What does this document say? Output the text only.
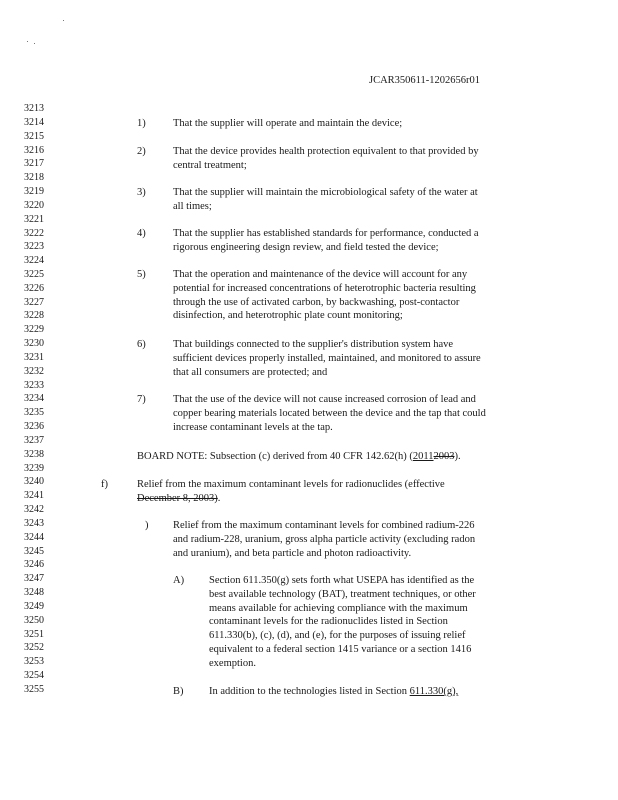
JCAR350611-1202656r01
3213
3214
3215
3216
3217
3218
3219
3220
3221
3222
3223
3224
3225
3226
3227
3228
3229
3230
3231
3232
3233
3234
3235
3236
3237
3238
3239
3240
3241
3242
3243
3244
3245
3246
3247
3248
3249
3250
3251
3252
3253
3254
3255
1)	That the supplier will operate and maintain the device;
2)	That the device provides health protection equivalent to that provided by
central treatment;
3)	That the supplier will maintain the microbiological safety of the water at
all times;
4)	That the supplier has established standards for performance, conducted a
rigorous engineering design review, and field tested the device;
5)	That the operation and maintenance of the device will account for any
potential for increased concentrations of heterotrophic bacteria resulting
through the use of activated carbon, by backwashing, post-contactor
disinfection, and heterotrophic plate count monitoring;
6)	That buildings connected to the supplier's distribution system have
sufficient devices properly installed, maintained, and monitored to assure
that all consumers are protected; and
7)	That the use of the device will not cause increased corrosion of lead and
copper bearing materials located between the device and the tap that could
increase contaminant levels at the tap.
BOARD NOTE: Subsection (c) derived from 40 CFR 142.62(h) (20112003).
f)	Relief from the maximum contaminant levels for radionuclides (effective
December 8, 2003).
) Relief from the maximum contaminant levels for combined radium-226
and radium-228, uranium, gross alpha particle activity (excluding radon
and uranium), and beta particle and photon radioactivity.
A) Section 611.350(g) sets forth what USEPA has identified as the
best available technology (BAT), treatment techniques, or other
means available for achieving compliance with the maximum
contaminant levels for the radionuclides listed in Section
611.330(b), (c), (d), and (e), for the purposes of issuing relief
equivalent to a federal section 1415 variance or a section 1416
exemption.
B) In addition to the technologies listed in Section 611.330(g),
